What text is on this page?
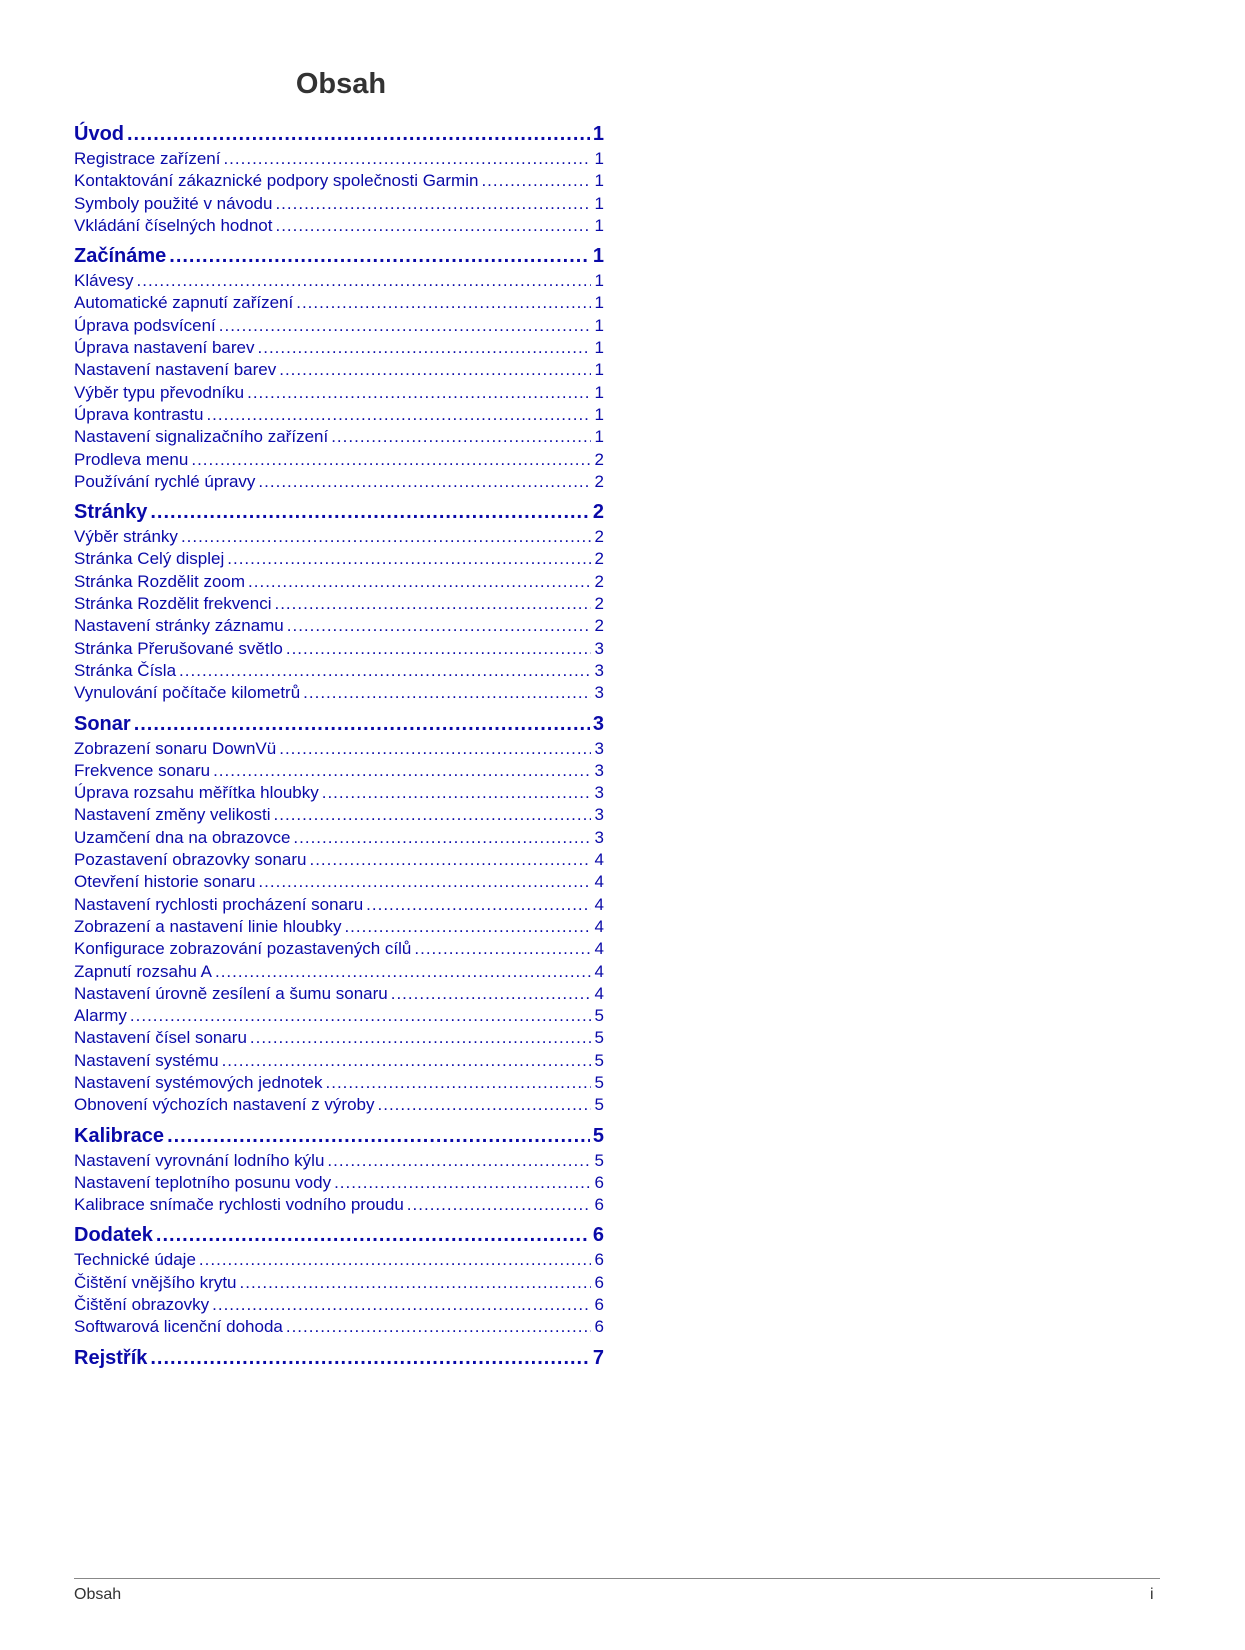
Obsah
Úvod .....	1
Registrace zařízení .....	1
Kontaktování zákaznické podpory společnosti Garmin .....	1
Symboly použité v návodu .....	1
Vkládání číselných hodnot .....	1
Začínáme .....	1
Klávesy .....	1
Automatické zapnutí zařízení .....	1
Úprava podsvícení .....	1
Úprava nastavení barev .....	1
Nastavení nastavení barev .....	1
Výběr typu převodníku .....	1
Úprava kontrastu .....	1
Nastavení signalizačního zařízení .....	1
Prodleva menu .....	2
Používání rychlé úpravy .....	2
Stránky .....	2
Výběr stránky .....	2
Stránka Celý displej .....	2
Stránka Rozdělit zoom .....	2
Stránka Rozdělit frekvenci .....	2
Nastavení stránky záznamu .....	2
Stránka Přerušované světlo .....	3
Stránka Čísla .....	3
Vynulování počítače kilometrů .....	3
Sonar .....	3
Zobrazení sonaru DownVü .....	3
Frekvence sonaru .....	3
Úprava rozsahu měřítka hloubky .....	3
Nastavení změny velikosti .....	3
Uzamčení dna na obrazovce .....	3
Pozastavení obrazovky sonaru .....	4
Otevření historie sonaru .....	4
Nastavení rychlosti procházení sonaru .....	4
Zobrazení a nastavení linie hloubky .....	4
Konfigurace zobrazování pozastavených cílů .....	4
Zapnutí rozsahu A .....	4
Nastavení úrovně zesílení a šumu sonaru .....	4
Alarmy .....	5
Nastavení čísel sonaru .....	5
Nastavení systému .....	5
Nastavení systémových jednotek .....	5
Obnovení výchozích nastavení z výroby .....	5
Kalibrace .....	5
Nastavení vyrovnání lodního kýlu .....	5
Nastavení teplotního posunu vody .....	6
Kalibrace snímače rychlosti vodního proudu .....	6
Dodatek .....	6
Technické údaje .....	6
Čištění vnějšího krytu .....	6
Čištění obrazovky .....	6
Softwarová licenční dohoda .....	6
Rejstřík .....	7
Obsah	i
